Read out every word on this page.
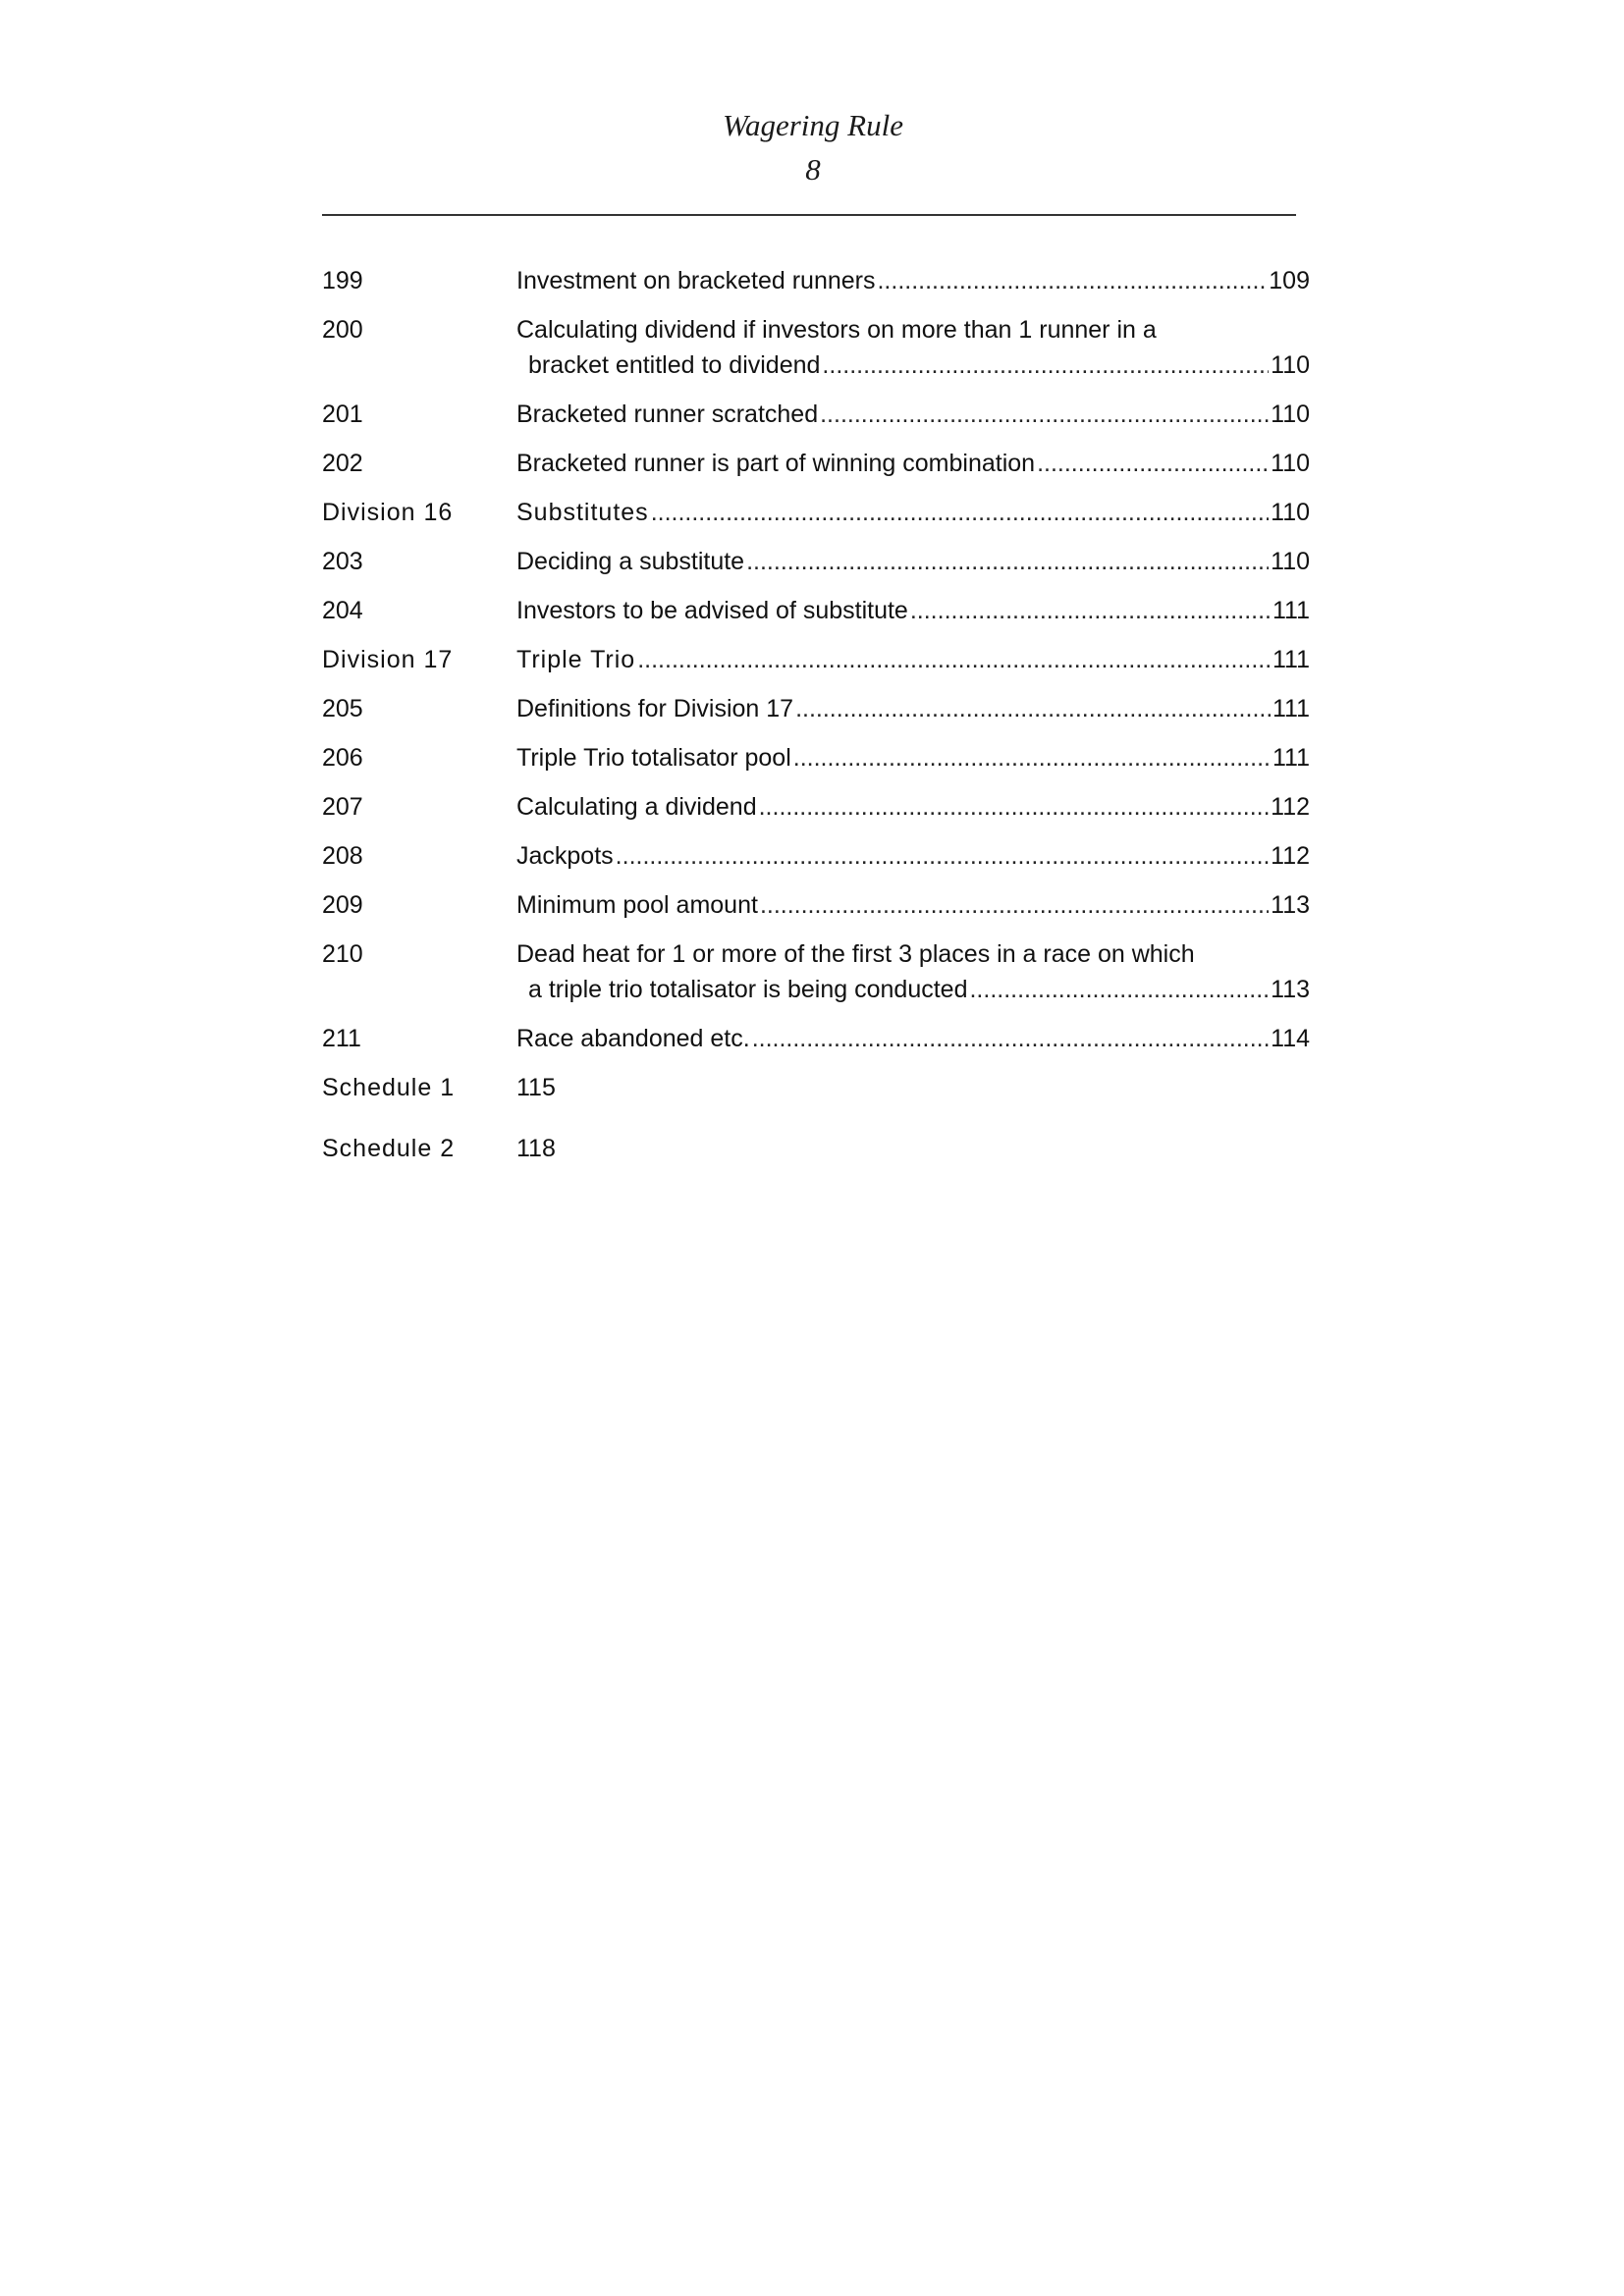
Wagering Rule
8
199	Investment on bracketed runners .....	109
200	Calculating dividend if investors on more than 1 runner in a
bracket entitled to dividend .....	110
201	Bracketed runner scratched .....	110
202	Bracketed runner is part of winning combination .....	110
Division 16	Substitutes .....	110
203	Deciding a substitute .....	110
204	Investors to be advised of substitute .....	111
Division 17	Triple Trio .....	111
205	Definitions for Division 17 .....	111
206	Triple Trio totalisator pool .....	111
207	Calculating a dividend .....	112
208	Jackpots .....	112
209	Minimum pool amount .....	113
210	Dead heat for 1 or more of the first 3 places in a race on which
a triple trio totalisator is being conducted .....	113
211	Race abandoned etc. .....	114
Schedule 1	115
Schedule 2	118
